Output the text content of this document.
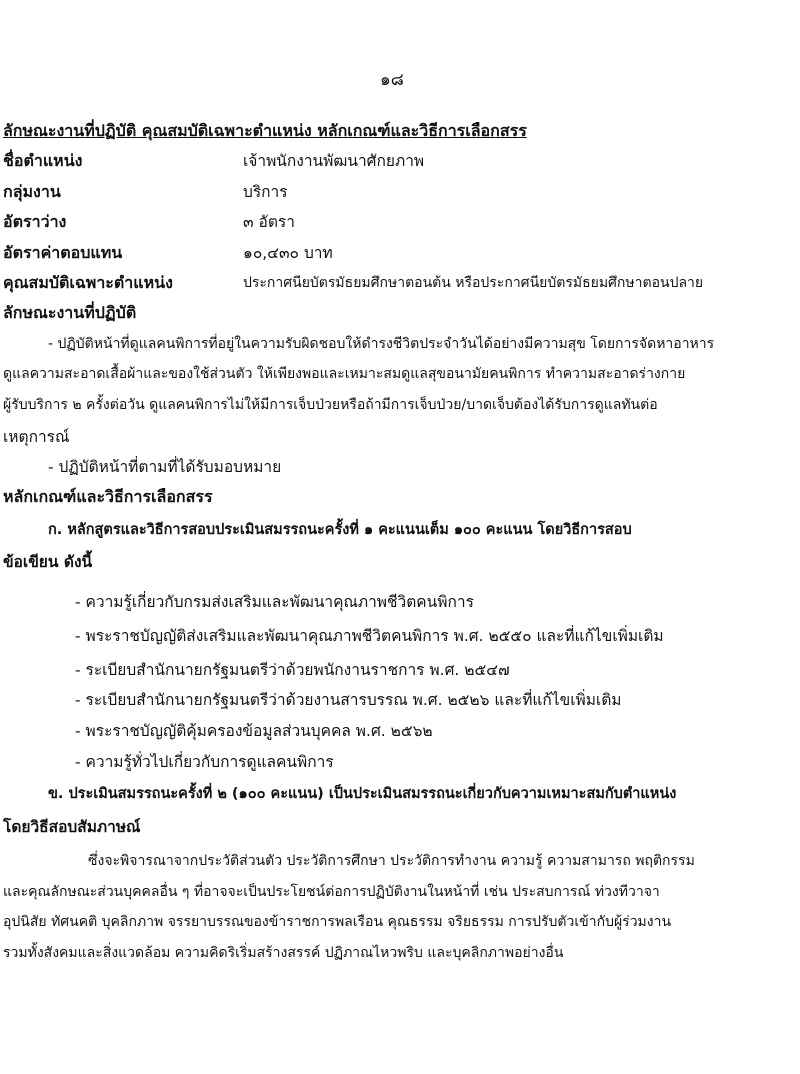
๑๘
ลักษณะงานที่ปฏิบัติ คุณสมบัติเฉพาะตำแหน่ง หลักเกณฑ์และวิธีการเลือกสรร
ชื่อตำแหน่ง	เจ้าพนักงานพัฒนาศักยภาพ
กลุ่มงาน	บริการ
อัตราว่าง	๓ อัตรา
อัตราค่าตอบแทน	๑๐,๔๓๐ บาท
คุณสมบัติเฉพาะตำแหน่ง	ประกาศนียบัตรมัธยมศึกษาตอนต้น หรือประกาศนียบัตรมัธยมศึกษาตอนปลาย
ลักษณะงานที่ปฏิบัติ
- ปฏิบัติหน้าที่ดูแลคนพิการที่อยู่ในความรับผิดชอบให้ดำรงชีวิตประจำวันได้อย่างมีความสุข โดยการจัดหาอาหาร
ดูแลความสะอาดเสื้อผ้าและของใช้ส่วนตัว ให้เพียงพอและเหมาะสมดูแลสุขอนามัยคนพิการ ทำความสะอาดร่างกาย
ผู้รับบริการ ๒ ครั้งต่อวัน ดูแลคนพิการไม่ให้มีการเจ็บป่วยหรือถ้ามีการเจ็บป่วย/บาดเจ็บต้องได้รับการดูแลทันต่อ
เหตุการณ์
- ปฏิบัติหน้าที่ตามที่ได้รับมอบหมาย
หลักเกณฑ์และวิธีการเลือกสรร
ก. หลักสูตรและวิธีการสอบประเมินสมรรถนะครั้งที่ ๑ คะแนนเต็ม ๑๐๐ คะแนน โดยวิธีการสอบ
ข้อเขียน ดังนี้
- ความรู้เกี่ยวกับกรมส่งเสริมและพัฒนาคุณภาพชีวิตคนพิการ
- พระราชบัญญัติส่งเสริมและพัฒนาคุณภาพชีวิตคนพิการ พ.ศ. ๒๕๕๐ และที่แก้ไขเพิ่มเติม
- ระเบียบสำนักนายกรัฐมนตรีว่าด้วยพนักงานราชการ พ.ศ. ๒๕๔๗
- ระเบียบสำนักนายกรัฐมนตรีว่าด้วยงานสารบรรณ พ.ศ. ๒๕๒๖ และที่แก้ไขเพิ่มเติม
- พระราชบัญญัติคุ้มครองข้อมูลส่วนบุคคล พ.ศ. ๒๕๖๒
- ความรู้ทั่วไปเกี่ยวกับการดูแลคนพิการ
ข. ประเมินสมรรถนะครั้งที่ ๒ (๑๐๐ คะแนน) เป็นประเมินสมรรถนะเกี่ยวกับความเหมาะสมกับตำแหน่ง
โดยวิธีสอบสัมภาษณ์
ซึ่งจะพิจารณาจากประวัติส่วนตัว ประวัติการศึกษา ประวัติการทำงาน ความรู้ ความสามารถ พฤติกรรม
และคุณลักษณะส่วนบุคคลอื่น ๆ ที่อาจจะเป็นประโยชน์ต่อการปฏิบัติงานในหน้าที่ เช่น ประสบการณ์ ท่วงทีวาจา
อุปนิสัย ทัศนคติ บุคลิกภาพ จรรยาบรรณของข้าราชการพลเรือน คุณธรรม จริยธรรม การปรับตัวเข้ากับผู้ร่วมงาน
รวมทั้งสังคมและสิ่งแวดล้อม ความคิดริเริ่มสร้างสรรค์ ปฏิภาณไหวพริบ และบุคลิกภาพอย่างอื่น
